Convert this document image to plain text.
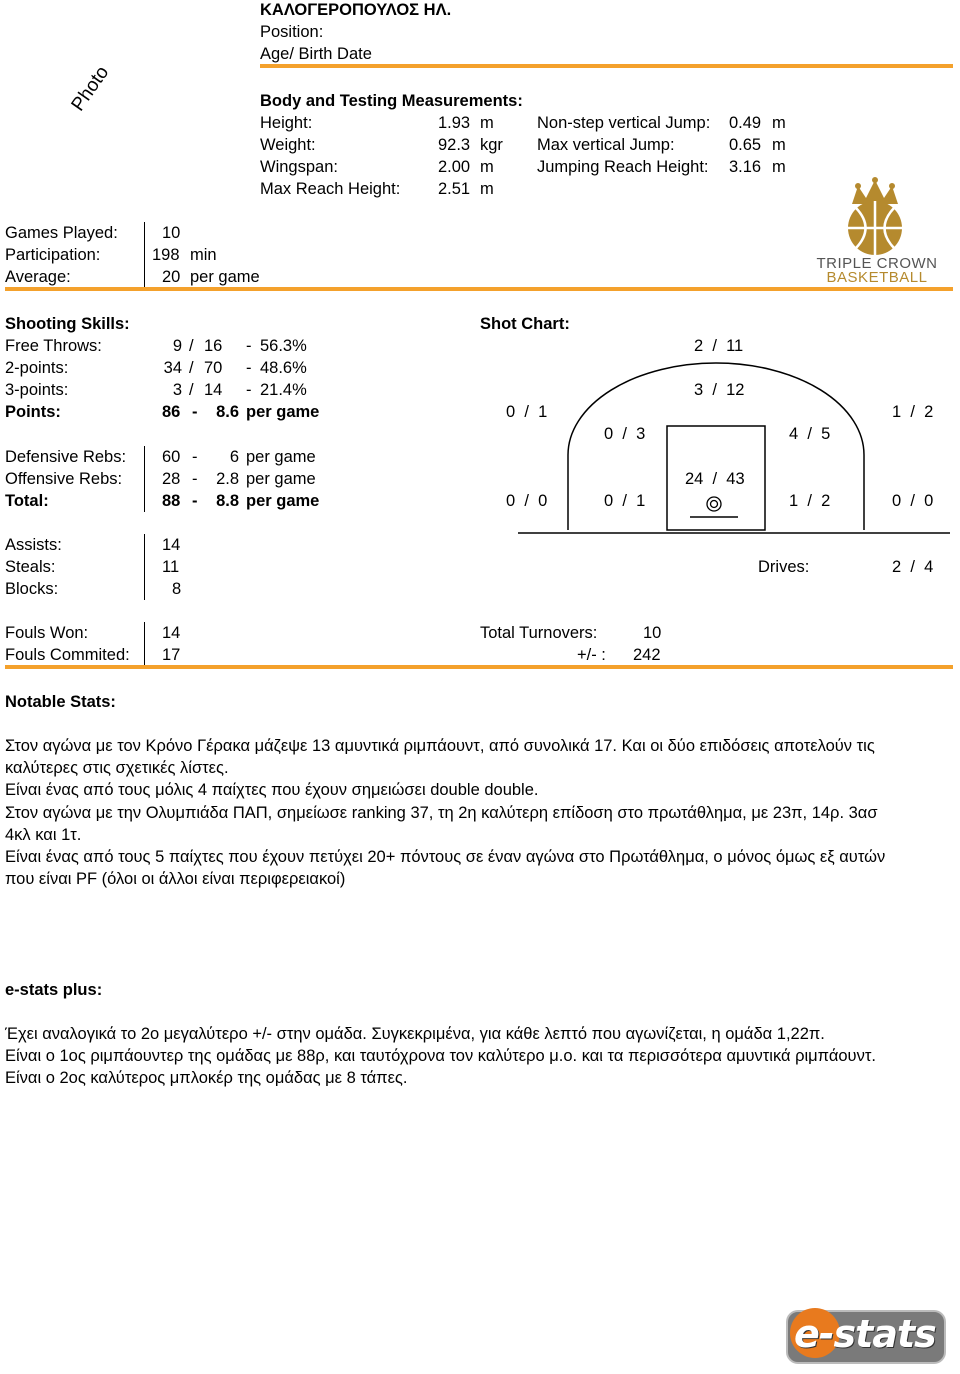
Photo
ΚΑΛΟΓΕΡΟΠΟΥΛΟΣ ΗΛ.
Position:
Age/ Birth Date
Body and Testing Measurements:
Height:	1.93 m
Weight:	92.3 kgr
Wingspan:	2.00 m
Max Reach Height: 2.51 m
Non-step vertical Jump:	0.49 m
Max vertical Jump:	0.65 m
Jumping Reach Height: 3.16 m
TRIPLE CROWN
BASKETBALL
Games Played:	10
Participation:	198 min
Average:	20 per game
Shooting Skills:
Free Throws:	9 / 16 - 56.3%
2-points:	34 / 70 - 48.6%
3-points:	3 / 14 - 21.4%
Points:	86 -	8.6 per game
Defensive Rebs: 60 -	6 per game
Offensive Rebs: 28 -	2.8 per game
Total:	88 -	8.8 per game
Shot Chart:
2  /  11
3  /  12
0  /  1	1  /  2
0  /  3	4  /  5
24  /  43
0  /  0	0  /  1	1  /  2	0  /  0
Assists:	14
Steals:	11
Blocks:	8
Drives:	2  /  4
Fouls Won:	14
Fouls Commited: 17
Total Turnovers:	10
+/- : 242
Notable Stats:
Στον αγώνα με τον Κρόνο Γέρακα μάζεψε 13 αμυντικά ριμπάουντ, από συνολικά 17. Και οι δύο επιδόσεις αποτελούν τις καλύτερες στις σχετικές λίστες.
Είναι ένας από τους μόλις 4 παίχτες που έχουν σημειώσει double double.
Στον αγώνα με την Ολυμπιάδα ΠΑΠ, σημείωσε ranking 37, τη 2η καλύτερη επίδοση στο πρωτάθλημα, με 23π, 14ρ. 3ασ 4κλ και 1τ.
Είναι ένας από τους 5 παίχτες που έχουν πετύχει 20+ πόντους σε έναν αγώνα στο Πρωτάθλημα, ο μόνος όμως εξ αυτών που είναι PF (όλοι οι άλλοι είναι περιφερειακοί)
e-stats plus:
Έχει αναλογικά το 2ο μεγαλύτερο +/- στην ομάδα. Συγκεκριμένα, για κάθε λεπτό που αγωνίζεται, η ομάδα 1,22π.
Είναι ο 1ος ριμπάουντερ της ομάδας με 88ρ, και ταυτόχρονα τον καλύτερο μ.ο. και τα περισσότερα αμυντικά ριμπάουντ.
Είναι ο 2ος καλύτερος μπλοκέρ της ομάδας με 8 τάπες.
e-stats
